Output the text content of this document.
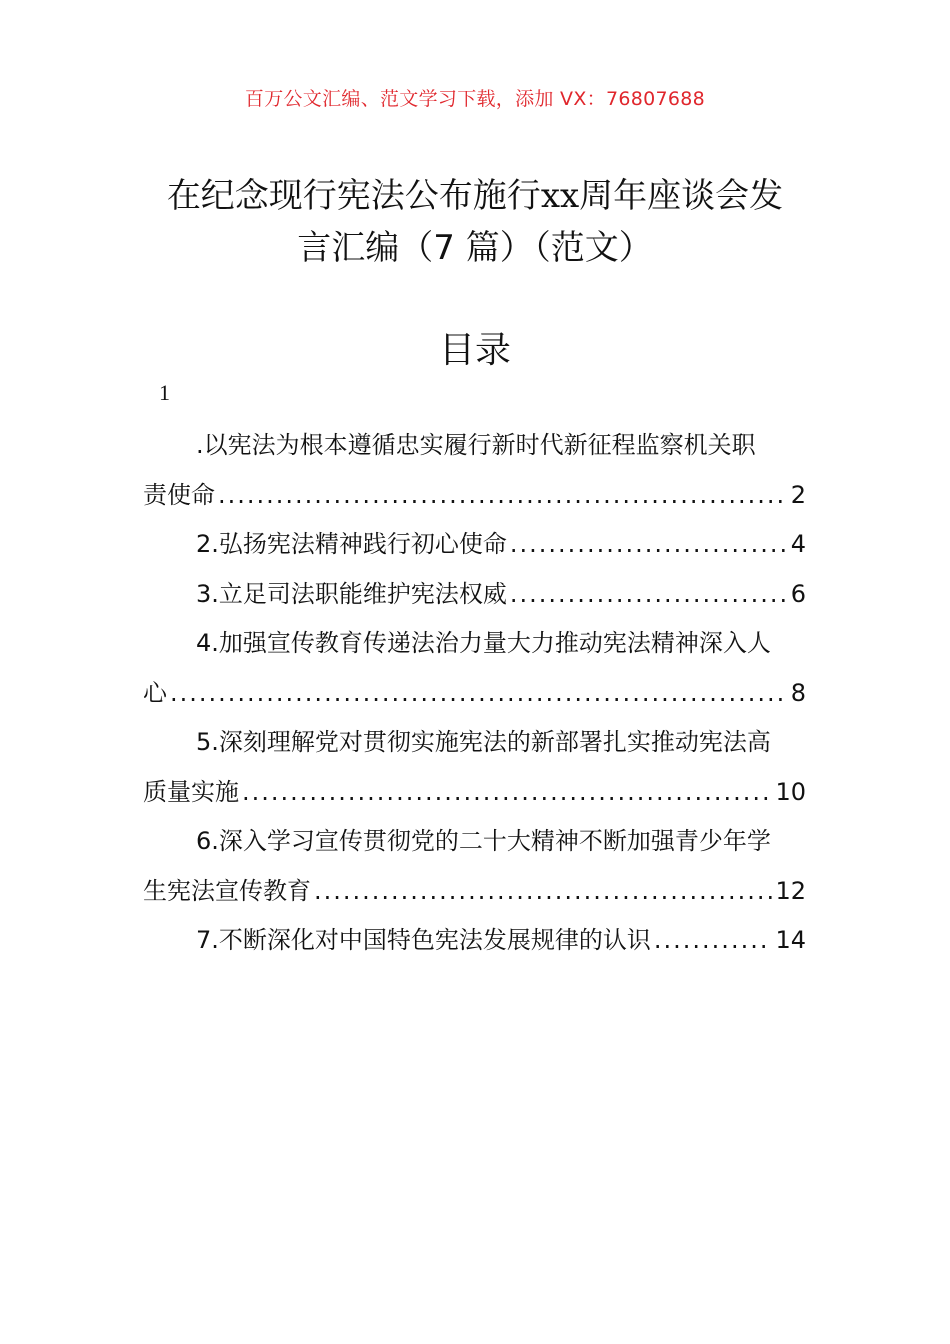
百万公文汇编、范文学习下载，添加 VX：76807688
在纪念现行宪法公布施行xx周年座谈会发
言汇编（7 篇）（范文）
目录
1
.以宪法为根本遵循忠实履行新时代新征程监察机关职
责使命 .....	2
2.弘扬宪法精神践行初心使命 .....	4
3.立足司法职能维护宪法权威 .....	6
4.加强宣传教育传递法治力量大力推动宪法精神深入人
心 .....	8
5.深刻理解党对贯彻实施宪法的新部署扎实推动宪法高
质量实施 .....	10
6.深入学习宣传贯彻党的二十大精神不断加强青少年学
生宪法宣传教育 .....	12
7.不断深化对中国特色宪法发展规律的认识 .....	14
